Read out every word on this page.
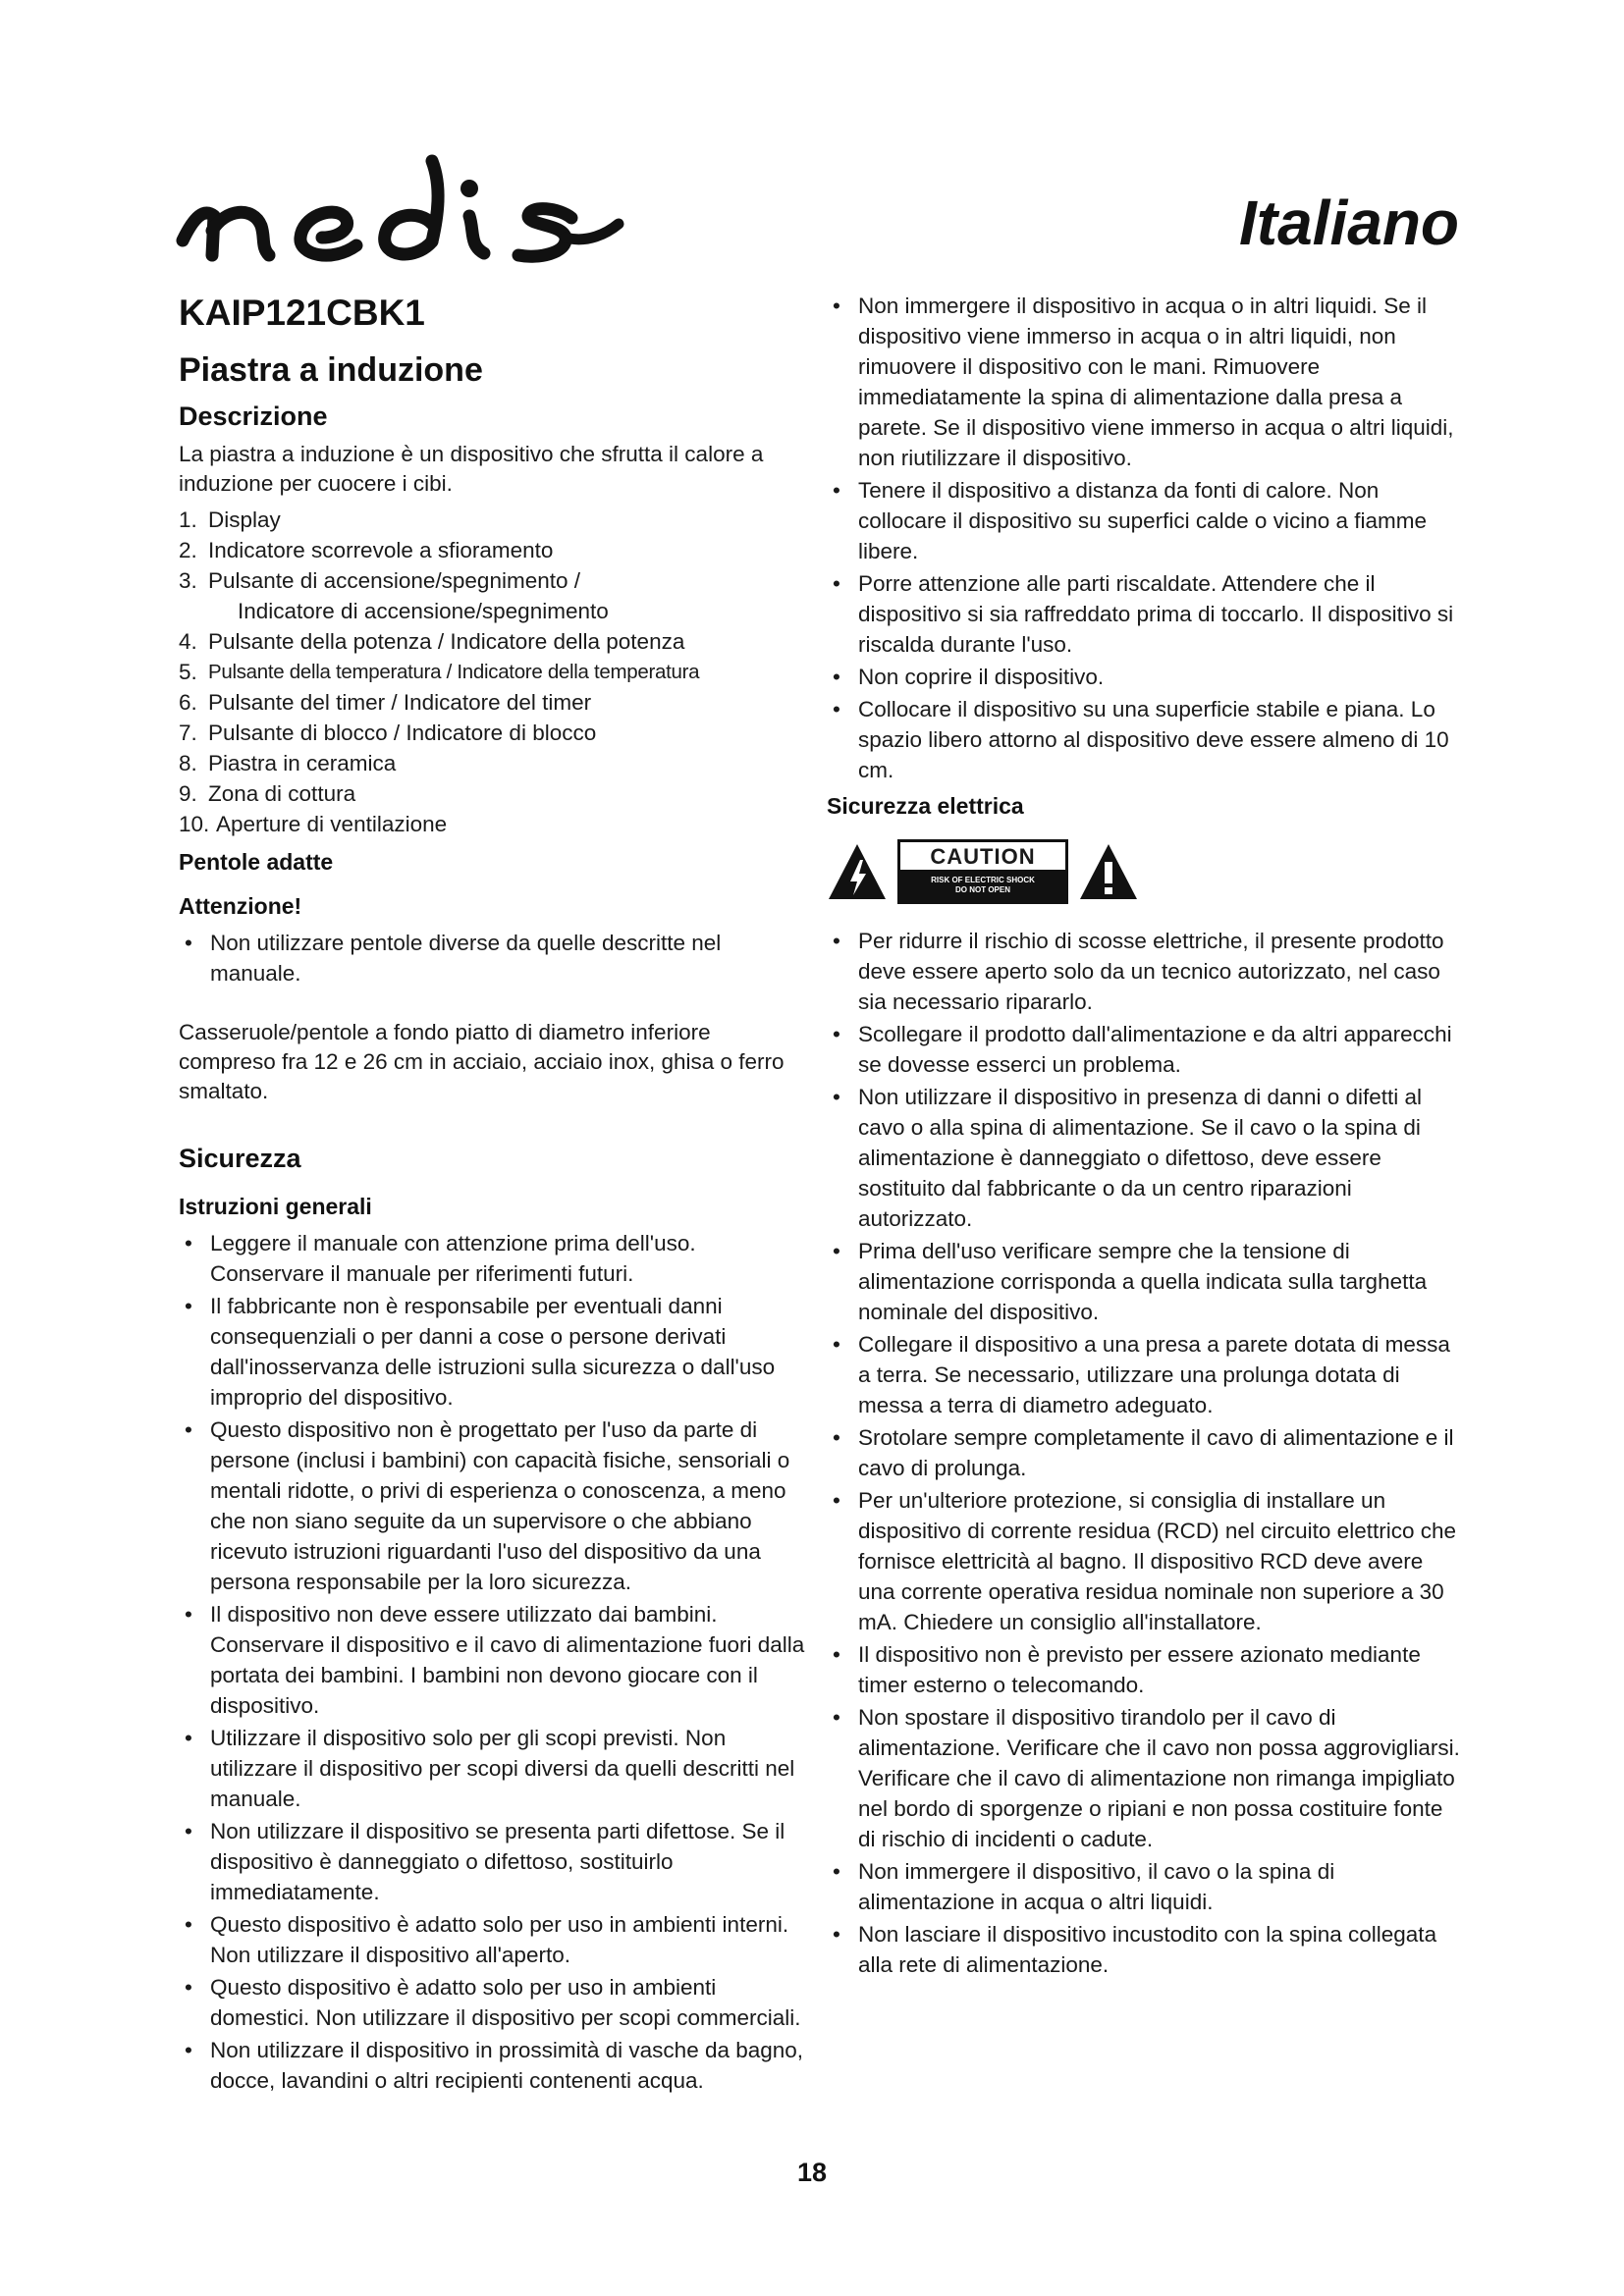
Italiano
KAIP121CBK1
Piastra a induzione
Descrizione
La piastra a induzione è un dispositivo che sfrutta il calore a induzione per cuocere i cibi.
1. Display
2. Indicatore scorrevole a sfioramento
3. Pulsante di accensione/spegnimento /
Indicatore di accensione/spegnimento
4. Pulsante della potenza / Indicatore della potenza
5. Pulsante della temperatura / Indicatore della temperatura
6. Pulsante del timer / Indicatore del timer
7. Pulsante di blocco / Indicatore di blocco
8. Piastra in ceramica
9. Zona di cottura
10. Aperture di ventilazione
Pentole adatte
Attenzione!
• Non utilizzare pentole diverse da quelle descritte nel manuale.
Casseruole/pentole a fondo piatto di diametro inferiore compreso fra 12 e 26 cm in acciaio, acciaio inox, ghisa o ferro smaltato.
Sicurezza
Istruzioni generali
• Leggere il manuale con attenzione prima dell'uso. Conservare il manuale per riferimenti futuri.
• Il fabbricante non è responsabile per eventuali danni consequenziali o per danni a cose o persone derivati dall'inosservanza delle istruzioni sulla sicurezza o dall'uso improprio del dispositivo.
• Questo dispositivo non è progettato per l'uso da parte di persone (inclusi i bambini) con capacità fisiche, sensoriali o mentali ridotte, o privi di esperienza o conoscenza, a meno che non siano seguite da un supervisore o che abbiano ricevuto istruzioni riguardanti l'uso del dispositivo da una persona responsabile per la loro sicurezza.
• Il dispositivo non deve essere utilizzato dai bambini. Conservare il dispositivo e il cavo di alimentazione fuori dalla portata dei bambini. I bambini non devono giocare con il dispositivo.
• Utilizzare il dispositivo solo per gli scopi previsti. Non utilizzare il dispositivo per scopi diversi da quelli descritti nel manuale.
• Non utilizzare il dispositivo se presenta parti difettose. Se il dispositivo è danneggiato o difettoso, sostituirlo immediatamente.
• Questo dispositivo è adatto solo per uso in ambienti interni. Non utilizzare il dispositivo all'aperto.
• Questo dispositivo è adatto solo per uso in ambienti domestici. Non utilizzare il dispositivo per scopi commerciali.
• Non utilizzare il dispositivo in prossimità di vasche da bagno, docce, lavandini o altri recipienti contenenti acqua.
• Non immergere il dispositivo in acqua o in altri liquidi. Se il dispositivo viene immerso in acqua o in altri liquidi, non rimuovere il dispositivo con le mani. Rimuovere immediatamente la spina di alimentazione dalla presa a parete. Se il dispositivo viene immerso in acqua o altri liquidi, non riutilizzare il dispositivo.
• Tenere il dispositivo a distanza da fonti di calore. Non collocare il dispositivo su superfici calde o vicino a fiamme libere.
• Porre attenzione alle parti riscaldate. Attendere che il dispositivo si sia raffreddato prima di toccarlo. Il dispositivo si riscalda durante l'uso.
• Non coprire il dispositivo.
• Collocare il dispositivo su una superficie stabile e piana. Lo spazio libero attorno al dispositivo deve essere almeno di 10 cm.
Sicurezza elettrica
CAUTION
RISK OF ELECTRIC SHOCK
DO NOT OPEN
• Per ridurre il rischio di scosse elettriche, il presente prodotto deve essere aperto solo da un tecnico autorizzato, nel caso sia necessario ripararlo.
• Scollegare il prodotto dall'alimentazione e da altri apparecchi se dovesse esserci un problema.
• Non utilizzare il dispositivo in presenza di danni o difetti al cavo o alla spina di alimentazione. Se il cavo o la spina di alimentazione è danneggiato o difettoso, deve essere sostituito dal fabbricante o da un centro riparazioni autorizzato.
• Prima dell'uso verificare sempre che la tensione di alimentazione corrisponda a quella indicata sulla targhetta nominale del dispositivo.
• Collegare il dispositivo a una presa a parete dotata di messa a terra. Se necessario, utilizzare una prolunga dotata di messa a terra di diametro adeguato.
• Srotolare sempre completamente il cavo di alimentazione e il cavo di prolunga.
• Per un'ulteriore protezione, si consiglia di installare un dispositivo di corrente residua (RCD) nel circuito elettrico che fornisce elettricità al bagno. Il dispositivo RCD deve avere una corrente operativa residua nominale non superiore a 30 mA. Chiedere un consiglio all'installatore.
• Il dispositivo non è previsto per essere azionato mediante timer esterno o telecomando.
• Non spostare il dispositivo tirandolo per il cavo di alimentazione. Verificare che il cavo non possa aggrovigliarsi. Verificare che il cavo di alimentazione non rimanga impigliato nel bordo di sporgenze o ripiani e non possa costituire fonte di rischio di incidenti o cadute.
• Non immergere il dispositivo, il cavo o la spina di alimentazione in acqua o altri liquidi.
• Non lasciare il dispositivo incustodito con la spina collegata alla rete di alimentazione.
18
